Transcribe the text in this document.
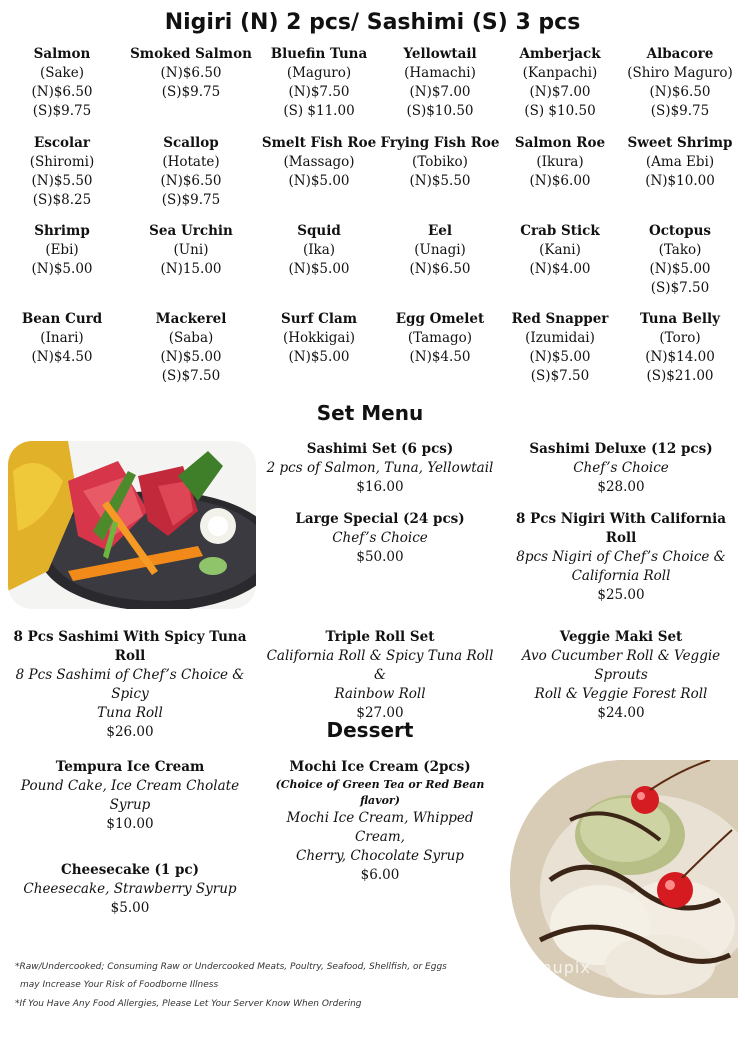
Nigiri (N) 2 pcs/ Sashimi (S) 3 pcs
Salmon
(Sake)
(N)$6.50
(S)$9.75
Smoked Salmon
(N)$6.50
(S)$9.75
Bluefin Tuna
(Maguro)
(N)$7.50
(S) $11.00
Yellowtail
(Hamachi)
(N)$7.00
(S)$10.50
Amberjack
(Kanpachi)
(N)$7.00
(S) $10.50
Albacore
(Shiro Maguro)
(N)$6.50
(S)$9.75
Escolar
(Shiromi)
(N)$5.50
(S)$8.25
Scallop
(Hotate)
(N)$6.50
(S)$9.75
Smelt Fish Roe
(Massago)
(N)$5.00
Frying Fish Roe
(Tobiko)
(N)$5.50
Salmon Roe
(Ikura)
(N)$6.00
Sweet Shrimp
(Ama Ebi)
(N)$10.00
Shrimp
(Ebi)
(N)$5.00
Sea Urchin
(Uni)
(N)15.00
Squid
(Ika)
(N)$5.00
Eel
(Unagi)
(N)$6.50
Crab Stick
(Kani)
(N)$4.00
Octopus
(Tako)
(N)$5.00
(S)$7.50
Bean Curd
(Inari)
(N)$4.50
Mackerel
(Saba)
(N)$5.00
(S)$7.50
Surf Clam
(Hokkigai)
(N)$5.00
Egg Omelet
(Tamago)
(N)$4.50
Red Snapper
(Izumidai)
(N)$5.00
(S)$7.50
Tuna Belly
(Toro)
(N)$14.00
(S)$21.00
Set Menu
Sashimi Set (6 pcs)
2 pcs of Salmon, Tuna, Yellowtail
$16.00
Sashimi Deluxe (12 pcs)
Chef’s Choice
$28.00
Large Special (24 pcs)
Chef’s Choice
$50.00
8 Pcs Nigiri With California Roll
8pcs Nigiri of Chef’s Choice &
California Roll
$25.00
8 Pcs Sashimi With Spicy Tuna Roll
8 Pcs Sashimi of Chef’s Choice & Spicy
Tuna Roll
$26.00
Triple Roll Set
California Roll & Spicy Tuna Roll &
Rainbow Roll
$27.00
Veggie Maki Set
Avo Cucumber Roll & Veggie Sprouts
Roll & Veggie Forest Roll
$24.00
Dessert
Tempura Ice Cream
Pound Cake, Ice Cream Cholate Syrup
$10.00
Mochi Ice Cream (2pcs)
(Choice of Green Tea or Red Bean flavor)
Mochi Ice Cream, Whipped Cream,
Cherry, Chocolate Syrup
$6.00
Cheesecake (1 pc)
Cheesecake, Strawberry Syrup
$5.00
menupix
*Raw/Undercooked; Consuming Raw or Undercooked Meats, Poultry, Seafood, Shellfish, or Eggs
may Increase Your Risk of Foodborne Illness
*If You Have Any Food Allergies, Please Let Your Server Know When Ordering
